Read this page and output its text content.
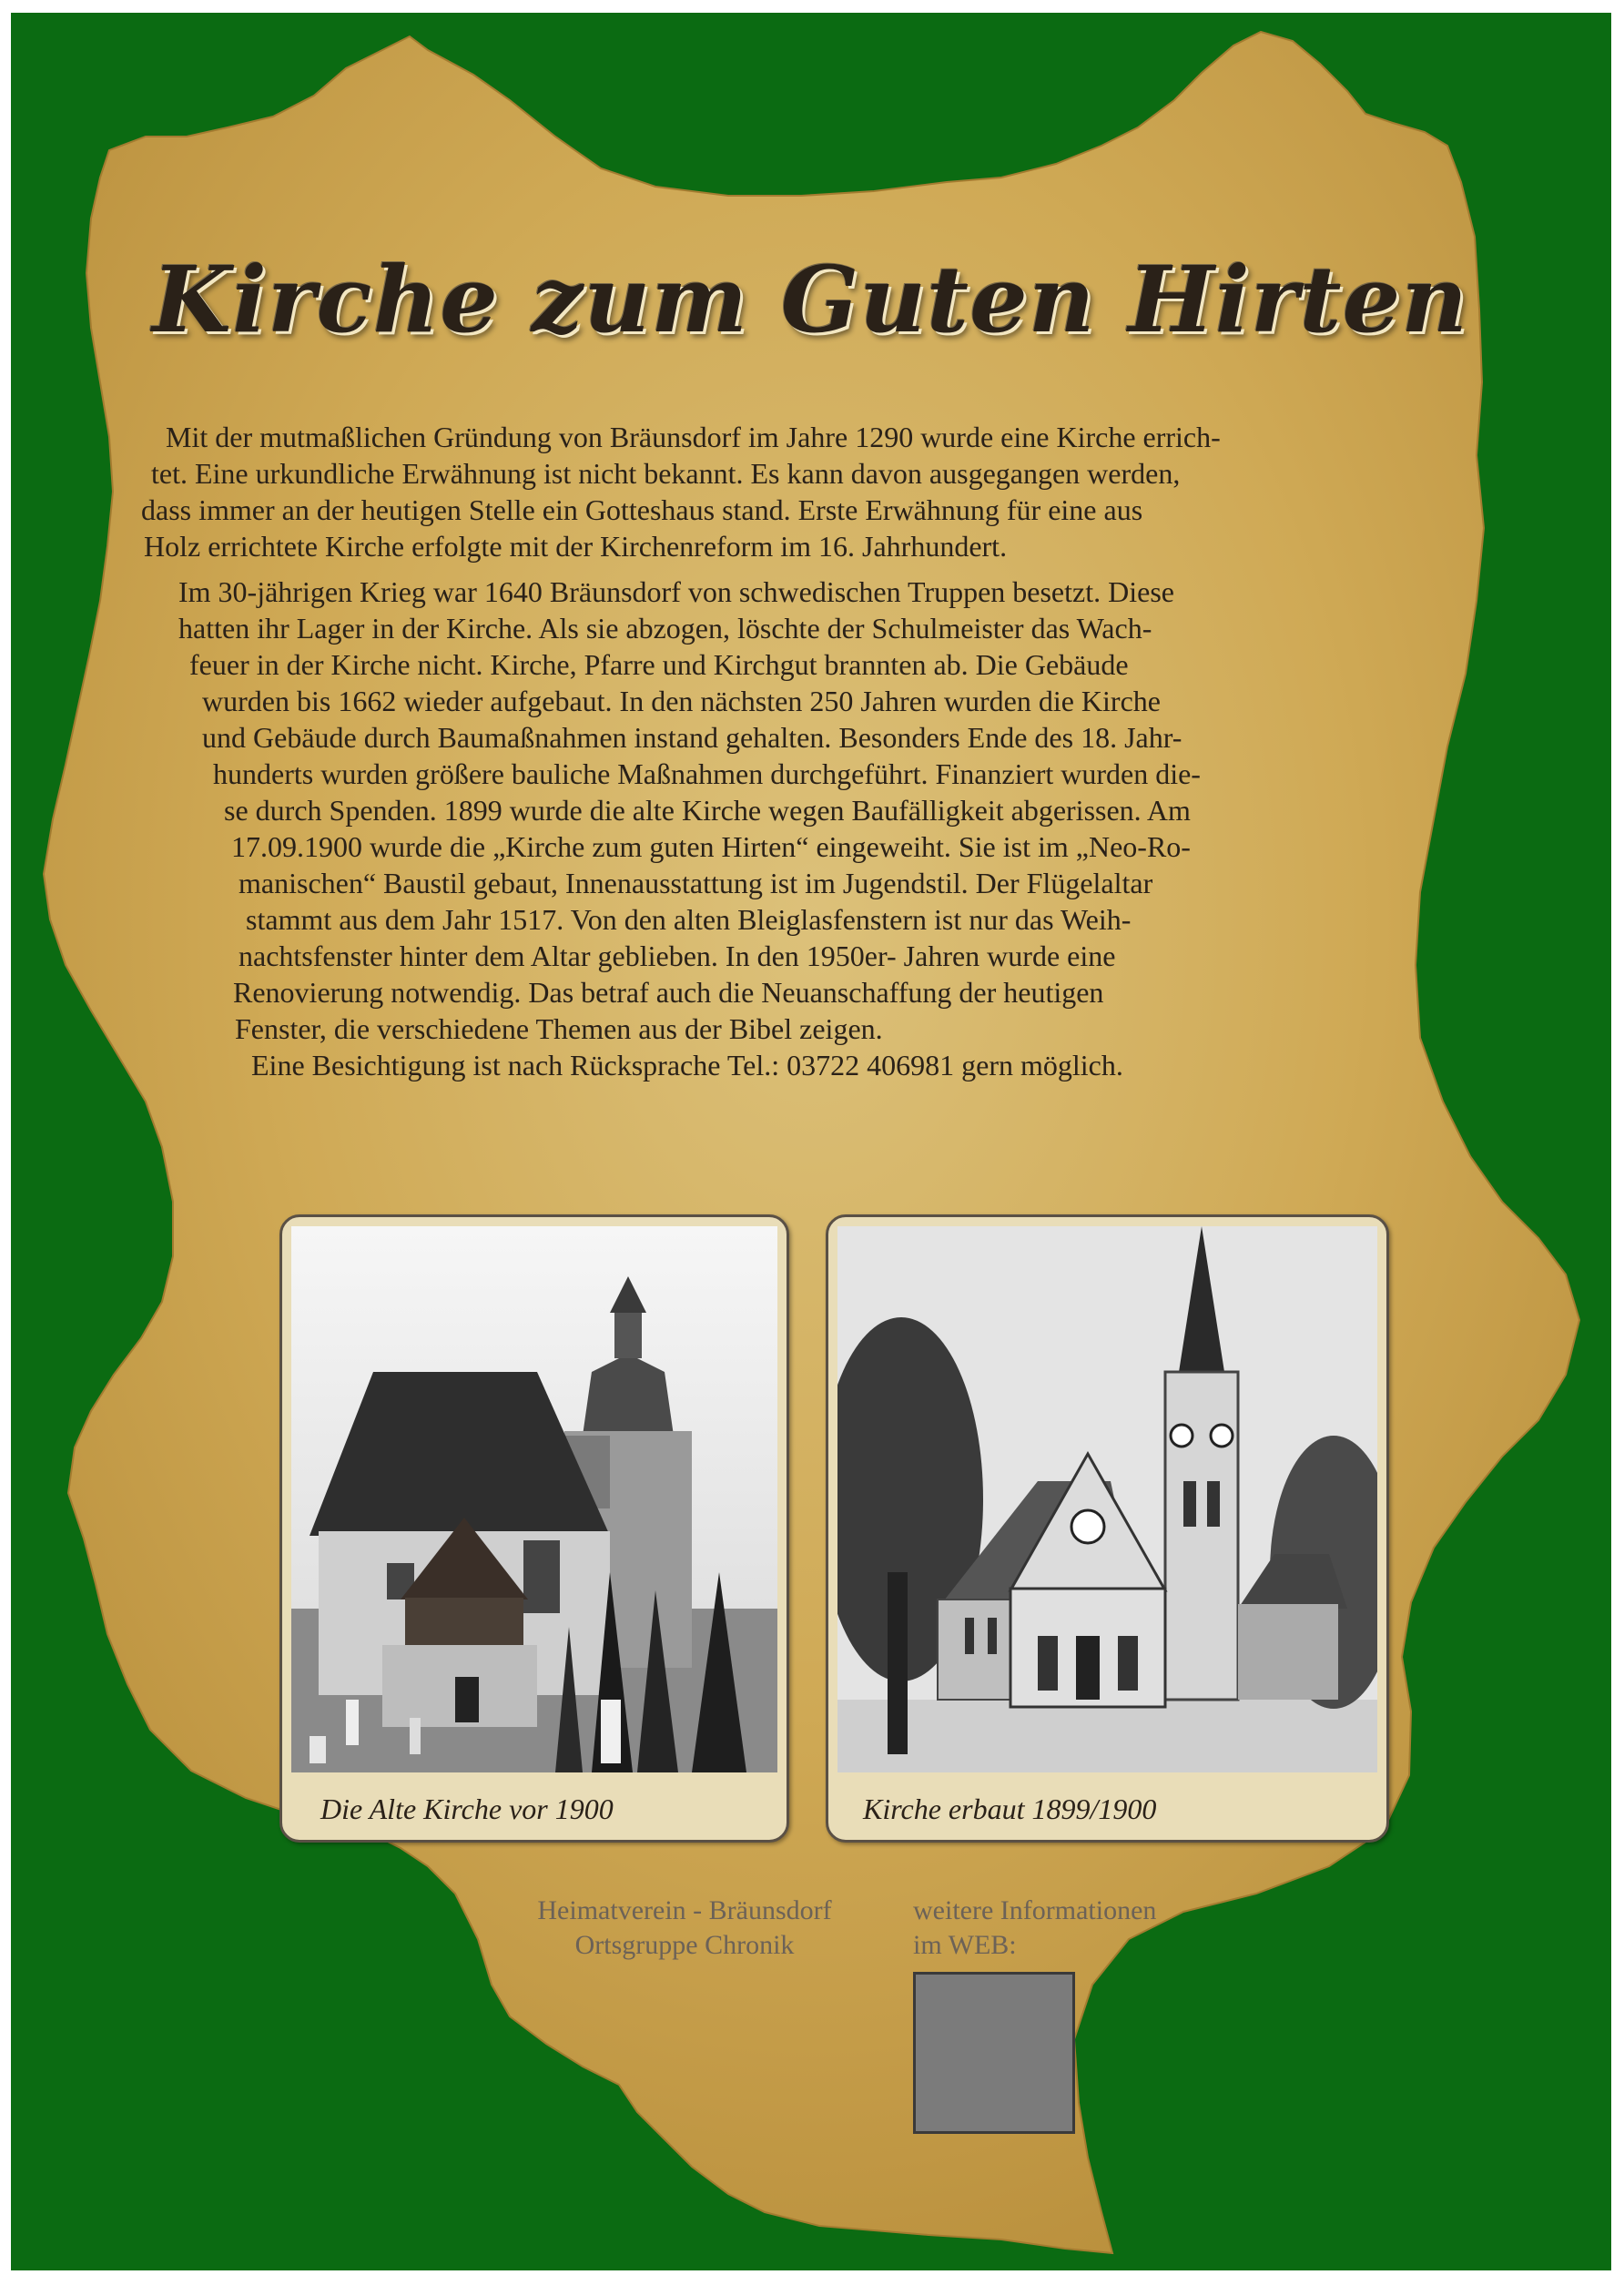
Kirche zum Guten Hirten
Mit der mutmaßlichen Gründung von Bräunsdorf im Jahre 1290 wurde eine Kirche errich-
tet. Eine urkundliche Erwähnung ist nicht bekannt. Es kann davon ausgegangen werden,
dass immer an der heutigen Stelle ein Gotteshaus stand. Erste Erwähnung für eine aus
Holz errichtete Kirche erfolgte mit der Kirchenreform im 16. Jahrhundert.
Im 30-jährigen Krieg war 1640 Bräunsdorf von schwedischen Truppen besetzt. Diese
hatten ihr Lager in der Kirche. Als sie abzogen, löschte der Schulmeister das Wach-
feuer in der Kirche nicht. Kirche, Pfarre und Kirchgut brannten ab. Die Gebäude
wurden bis 1662 wieder aufgebaut. In den nächsten 250 Jahren wurden die Kirche
und Gebäude durch Baumaßnahmen instand gehalten. Besonders Ende des 18. Jahr-
hunderts wurden größere bauliche Maßnahmen durchgeführt. Finanziert wurden die-
se durch Spenden. 1899 wurde die alte Kirche wegen Baufälligkeit abgerissen. Am
17.09.1900 wurde die „Kirche zum guten Hirten“ eingeweiht. Sie ist im „Neo-Ro-
manischen“ Baustil gebaut, Innenausstattung ist im Jugendstil. Der Flügelaltar
stammt aus dem Jahr 1517. Von den alten Bleiglasfenstern ist nur das Weih-
nachtsfenster hinter dem Altar geblieben. In den 1950er- Jahren wurde eine
Renovierung notwendig. Das betraf auch die Neuanschaffung der heutigen
Fenster, die verschiedene Themen aus der Bibel zeigen.
Eine Besichtigung ist nach Rücksprache Tel.: 03722 406981 gern möglich.
Die Alte Kirche vor 1900	Kirche erbaut 1899/1900
Heimatverein - Bräunsdorf
Ortsgruppe Chronik
weitere Informationen
im WEB:
